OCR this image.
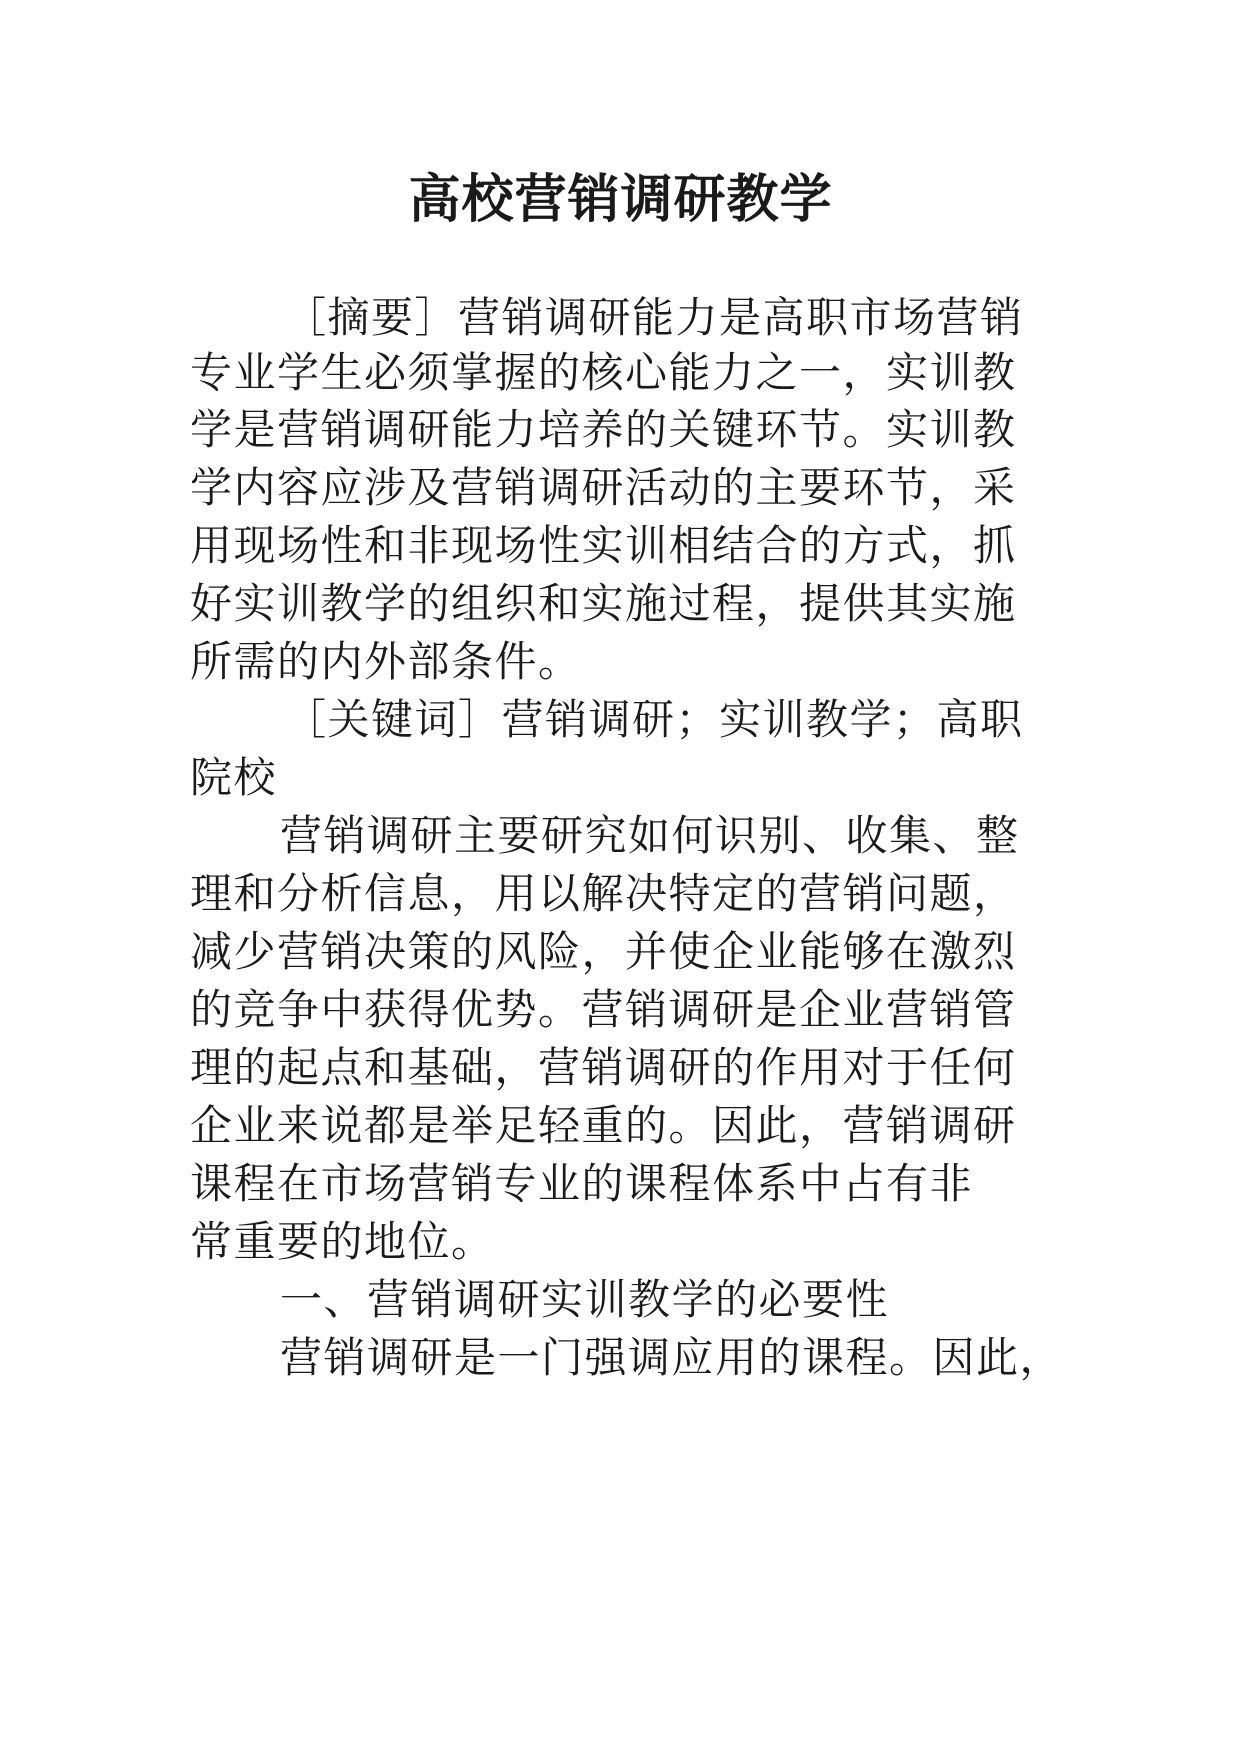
高校营销调研教学

［摘要］营销调研能力是高职市场营销

专业学生必须掌握的核心能力之一，实训教

学是营销调研能力培养的关键环节。实训教

学内容应涉及营销调研活动的主要环节，采

用现场性和非现场性实训相结合的方式，抓

好实训教学的组织和实施过程，提供其实施

所需的内外部条件。

［关键词］营销调研；实训教学；高职

院校

营销调研主要研究如何识别、收集、整

理和分析信息，用以解决特定的营销问题，

减少营销决策的风险，并使企业能够在激烈

的竞争中获得优势。营销调研是企业营销管

理的起点和基础，营销调研的作用对于任何

企业来说都是举足轻重的。因此，营销调研

课程在市场营销专业的课程体系中占有非

常重要的地位。

一、营销调研实训教学的必要性

营销调研是一门强调应用的课程。因此，
